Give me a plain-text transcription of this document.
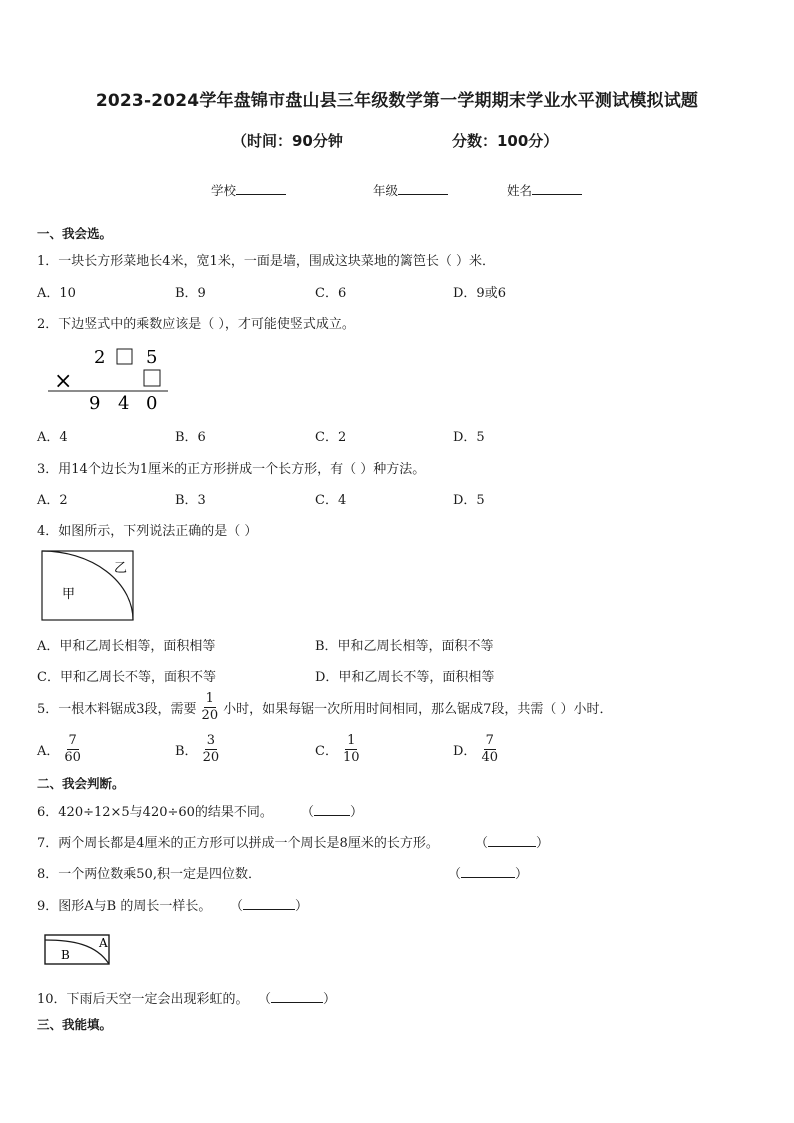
2023-2024学年盘锦市盘山县三年级数学第一学期期末学业水平测试模拟试题
（时间：90分钟	分数：100分）
学校	年级	姓名
一、我会选。
1．一块长方形菜地长4米，宽1米，一面是墙，围成这块菜地的篱笆长（ ）米．
A．10	B．9	C．6	D．9或6
2．下边竖式中的乘数应该是（ ），才可能使竖式成立。
2 5
×
9 4 0
A．4	B．6	C．2	D．5
3．用14个边长为1厘米的正方形拼成一个长方形，有（ ）种方法。
A．2	B．3	C．4	D．5
4．如图所示，下列说法正确的是（ ）
甲
乙
A．甲和乙周长相等，面积相等	B．甲和乙周长相等，面积不等
C．甲和乙周长不等，面积不等	D．甲和乙周长不等，面积相等
5．一根木料锯成3段，需要 $\frac{1}{20}$ 小时，如果每锯一次所用时间相同，那么锯成7段，共需（ ）小时．
A． $\frac{7}{60}$	B． $\frac{3}{20}$	C． $\frac{1}{10}$	D． $\frac{7}{40}$
二、我会判断。
6．420÷12×5与420÷60的结果不同。 （	）
7．两个周长都是4厘米的正方形可以拼成一个周长是8厘米的长方形。	（	）
8．一个两位数乘50,积一定是四位数．	（	）
9．图形A与B 的周长一样长。 （	）
B
A
10．下雨后天空一定会出现彩虹的。 （	）
三、我能填。
